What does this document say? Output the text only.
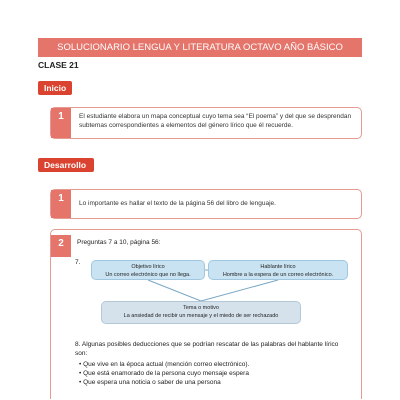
SOLUCIONARIO LENGUA Y LITERATURA OCTAVO AÑO BÁSICO
CLASE 21
Inicio
1	El estudiante elabora un mapa conceptual cuyo tema sea “El poema” y del que se desprendan subtemas correspondientes a elementos del género lírico que él recuerde.
Desarrollo
1	Lo importante es hallar el texto de la página 56 del libro de lenguaje.
2	Preguntas 7 a 10, página 56:
7.
Objetivo lírico
Un correo electrónico que no llega.
Hablante lírico
Hombre a la espera de un correo electrónico.
Tema o motivo
La ansiedad de recibir un mensaje y el miedo de ser rechazado
8. Algunas posibles deducciones que se podrían rescatar de las palabras del hablante lírico son:
• Que vive en la época actual (mención correo electrónico).
• Que está enamorado de la persona cuyo mensaje espera
• Que espera una noticia o saber de una persona
